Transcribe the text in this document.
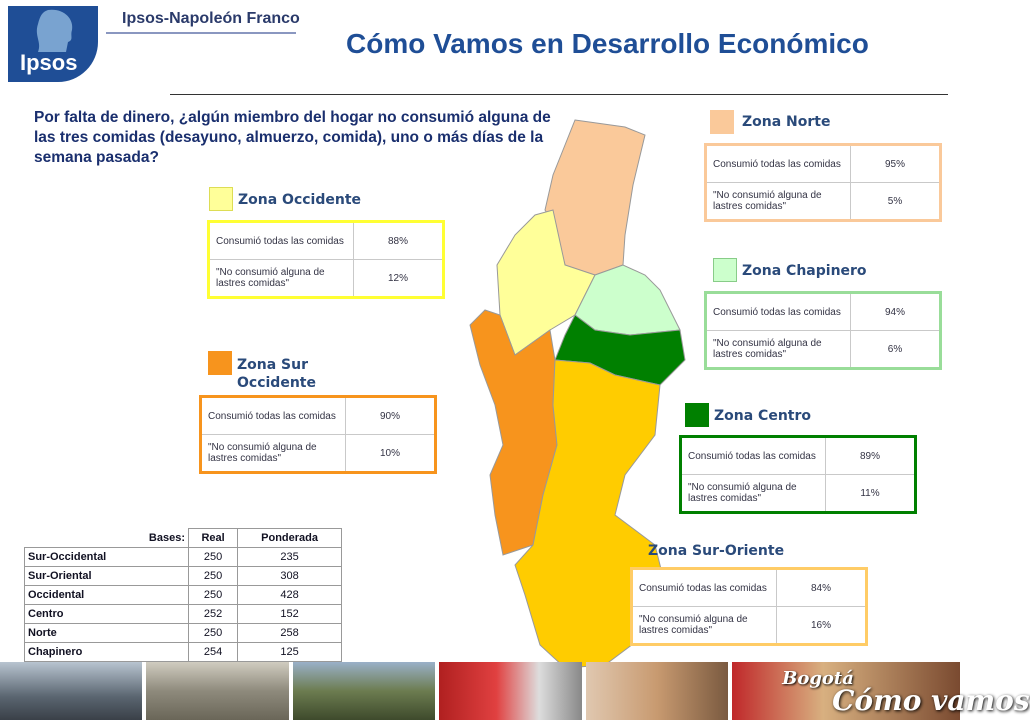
Ipsos
Ipsos-Napoleón Franco
Cómo Vamos en Desarrollo Económico
Por falta de dinero, ¿algún miembro del hogar no consumió alguna de las tres comidas (desayuno, almuerzo, comida), uno o más días de la semana pasada?
Zona Occidente
Consumió todas las comidas	88%
"No consumió alguna de lastres comidas"	12%
Zona Sur Occidente
Consumió todas las comidas	90%
"No consumió alguna de lastres comidas"	10%
Zona Norte
Consumió todas las comidas	95%
"No consumió alguna de lastres comidas"	5%
Zona Chapinero
Consumió todas las comidas	94%
"No consumió alguna de lastres comidas"	6%
Zona Centro
Consumió todas las comidas	89%
"No consumió alguna de lastres comidas"	11%
Zona Sur-Oriente
Consumió todas las comidas	84%
"No consumió alguna de lastres comidas"	16%
Bases:	Real	Ponderada
Sur-Occidental	250	235
Sur-Oriental	250	308
Occidental	250	428
Centro	252	152
Norte	250	258
Chapinero	254	125
Bogotá
Cómo vamos
